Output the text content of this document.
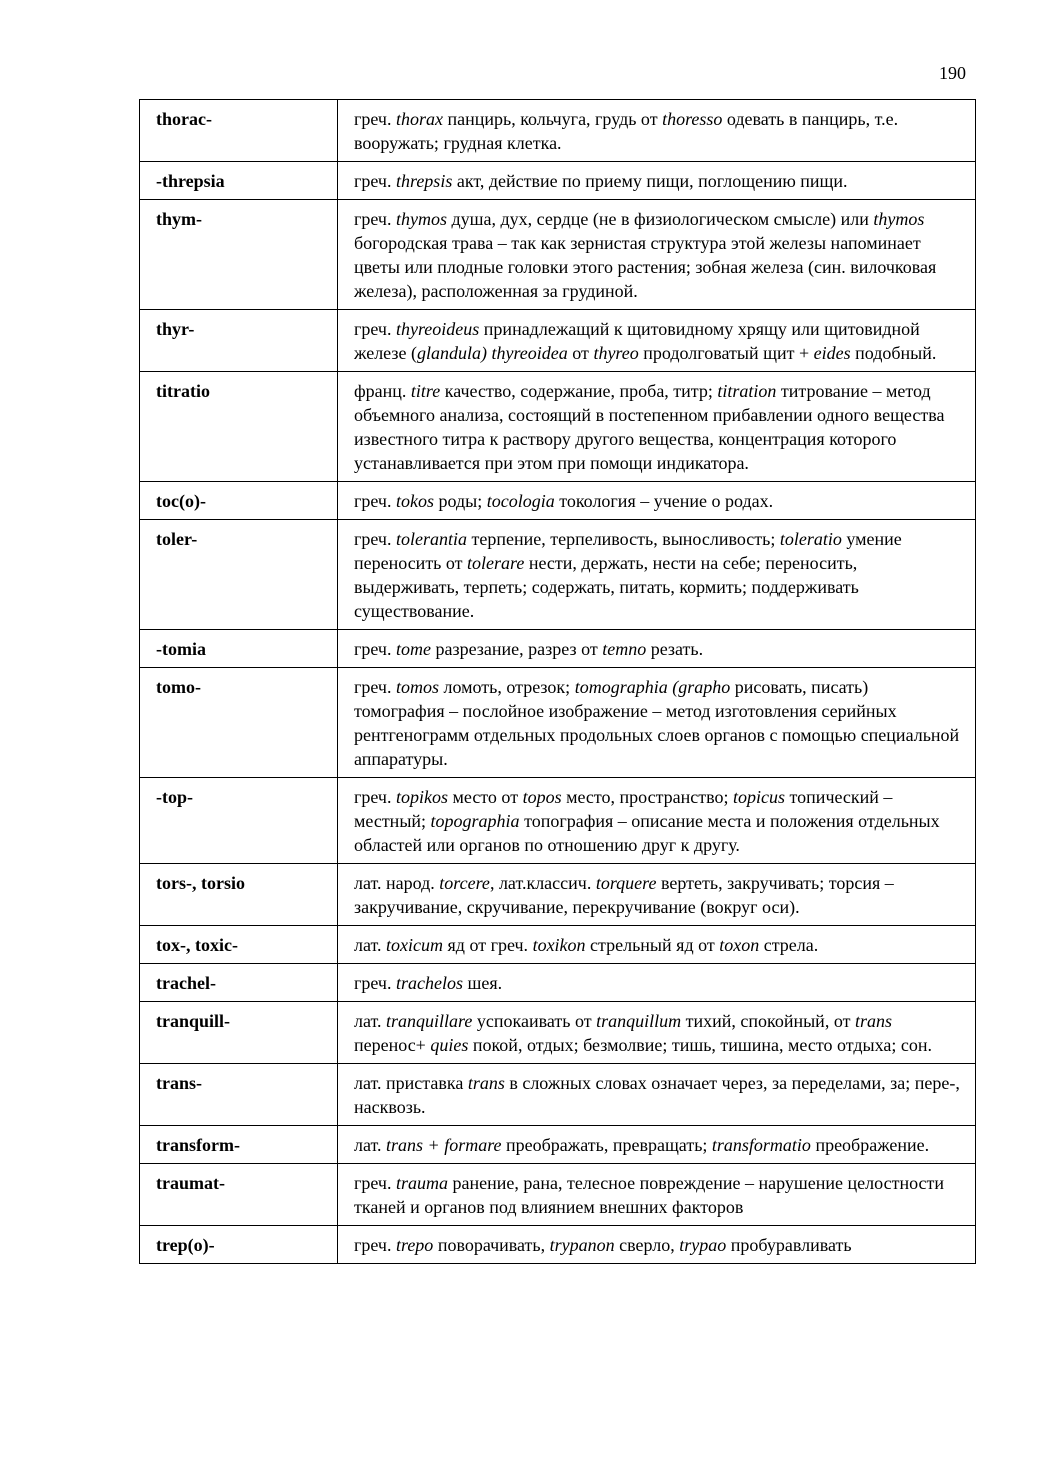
190
thorac-	греч. thorax панцирь, кольчуга, грудь от thoresso одевать в панцирь, т.е. вооружать; грудная клетка.
-threpsia	греч. threpsis акт, действие по приему пищи, поглощению пищи.
thym-	греч. thymos душа, дух, сердце (не в физиологическом смысле) или thymos богородская трава – так как зернистая структура этой железы напоминает цветы или плодные головки этого растения; зобная железа (син. вилочковая железа), расположенная за грудиной.
thyr-	греч. thyreoideus принадлежащий к щитовидному хрящу или щитовидной железе (glandula) thyreoidea от thyreo продолговатый щит + eides подобный.
titratio	франц. titre качество, содержание, проба, титр; titration титрование – метод объемного анализа, состоящий в постепенном прибавлении одного вещества известного титра к раствору другого вещества, концентрация которого устанавливается при этом при помощи индикатора.
toc(o)-	греч. tokos роды; tocologia токология – учение о родах.
toler-	греч. tolerantia терпение, терпеливость, выносливость; toleratio умение переносить от tolerare нести, держать, нести на себе; переносить, выдерживать, терпеть; содержать, питать, кормить; поддерживать существование.
-tomia	греч. tome разрезание, разрез от temno резать.
tomo-	греч. tomos ломоть, отрезок; tomographia (grapho рисовать, писать) томография – послойное изображение – метод изготовления серийных рентгенограмм отдельных продольных слоев органов с помощью специальной аппаратуры.
-top-	греч. topikos место от topos место, пространство; topicus топический – местный; topographia топография – описание места и положения отдельных областей или органов по отношению друг к другу.
tors-, torsio	лат. народ. torcere, лат.классич. torquere вертеть, закручивать; торсия – закручивание, скручивание, перекручивание (вокруг оси).
tox-, toxic-	лат. toxicum яд от греч. toxikon стрельный яд от toxon стрела.
trachel-	греч. trachelos шея.
tranquill-	лат. tranquillare успокаивать от tranquillum тихий, спокойный, от trans перенос+ quies покой, отдых; безмолвие; тишь, тишина, место отдыха; сон.
trans-	лат. приставка trans в сложных словах означает через, за переделами, за; пере-, насквозь.
transform-	лат. trans + formare преображать, превращать; transformatio преображение.
traumat-	греч. trauma ранение, рана, телесное повреждение – нарушение целостности тканей и органов под влиянием внешних факторов
trep(o)-	греч. trepo поворачивать, trypanon сверло, trypao пробуравливать
